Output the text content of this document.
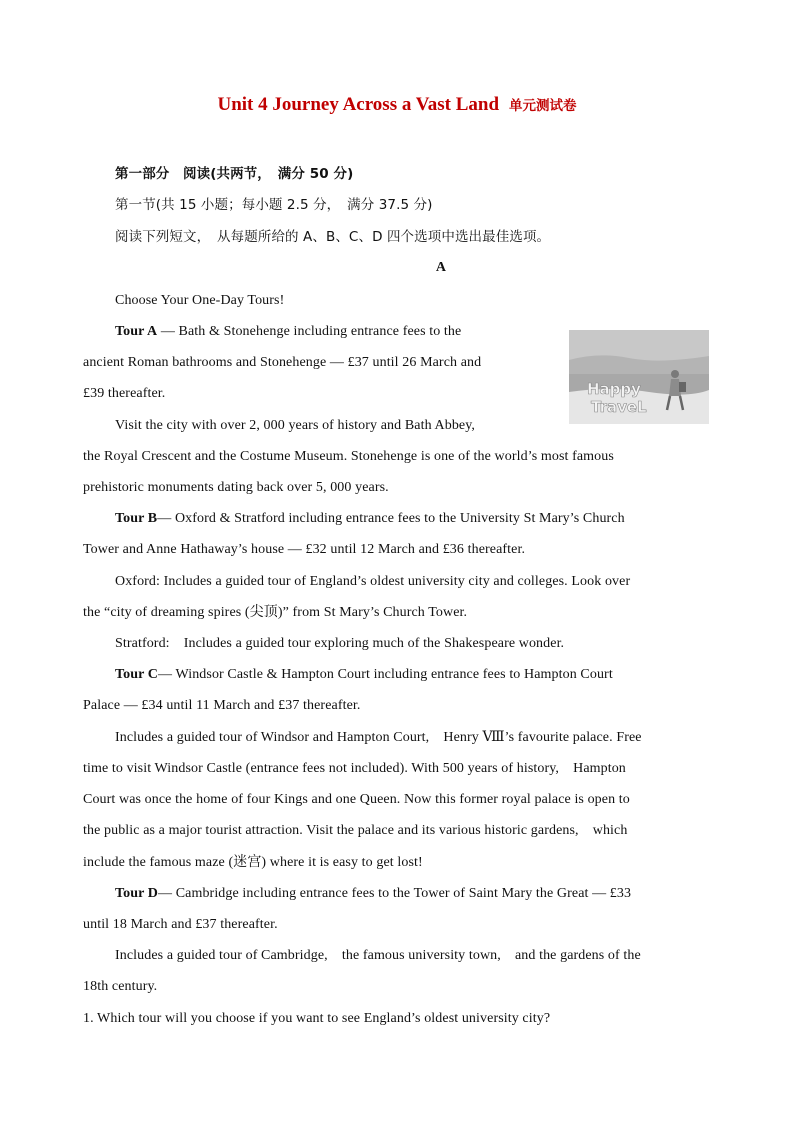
Unit 4 Journey Across a Vast Land 单元测试卷
第一部分　阅读(共两节，　满分 50 分)
第一节(共 15 小题；每小题 2.5 分，　满分 37.5 分)
阅读下列短文，　从每题所给的 A、B、C、D 四个选项中选出最佳选项。
A
Choose Your One-Day Tours!
Tour A — Bath & Stonehenge including entrance fees to the
ancient Roman bathrooms and Stonehenge — £37 until 26 March and
£39 thereafter.
Visit the city with over 2, 000 years of history and Bath Abbey,
the Royal Crescent and the Costume Museum. Stonehenge is one of the world’s most famous
prehistoric monuments dating back over 5, 000 years.
Tour B— Oxford & Stratford including entrance fees to the University St Mary’s Church
Tower and Anne Hathaway’s house — £32 until 12 March and £36 thereafter.
Oxford: Includes a guided tour of England’s oldest university city and colleges. Look over
the “city of dreaming spires (尖顶)” from St Mary’s Church Tower.
Stratford:　Includes a guided tour exploring much of the Shakespeare wonder.
Tour C— Windsor Castle & Hampton Court including entrance fees to Hampton Court
Palace — £34 until 11 March and £37 thereafter.
Includes a guided tour of Windsor and Hampton Court,　Henry Ⅷ’s favourite palace. Free
time to visit Windsor Castle (entrance fees not included). With 500 years of history,　Hampton
Court was once the home of four Kings and one Queen. Now this former royal palace is open to
the public as a major tourist attraction. Visit the palace and its various historic gardens,　which
include the famous maze (迷宫) where it is easy to get lost!
Tour D— Cambridge including entrance fees to the Tower of Saint Mary the Great — £33
until 18 March and £37 thereafter.
Includes a guided tour of Cambridge,　the famous university town,　and the gardens of the
18th century.
1. Which tour will you choose if you want to see England’s oldest university city?
Happy
TraveL
